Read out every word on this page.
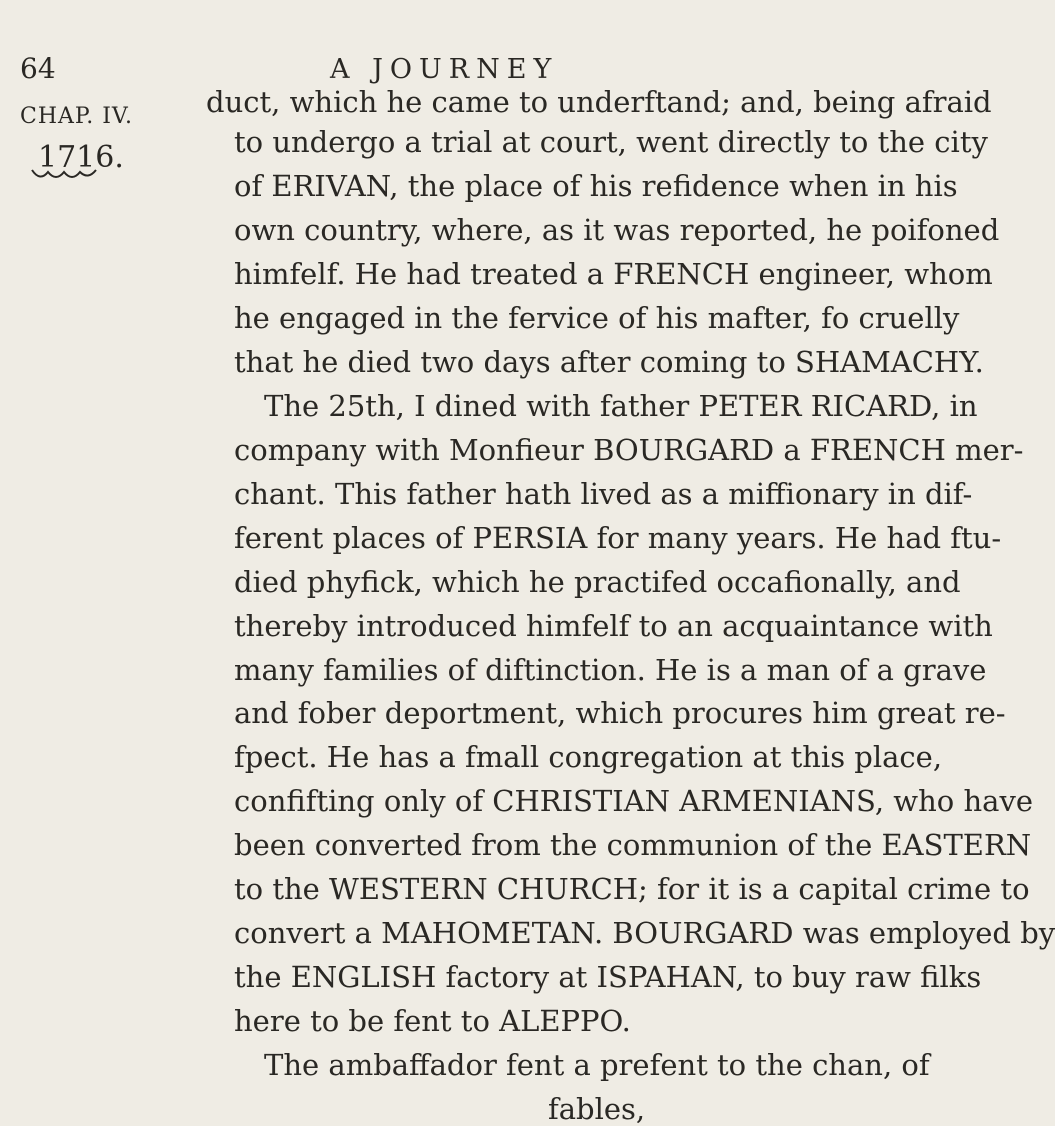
64	A JOURNEY
CHAP. IV.
1716.
duct, which he came to underftand; and, being afraid
to undergo a trial at court, went directly to the city
of ERIVAN, the place of his refidence when in his
own country, where, as it was reported, he poifoned
himfelf. He had treated a FRENCH engineer, whom
he engaged in the fervice of his mafter, fo cruelly
that he died two days after coming to SHAMACHY.
The 25th, I dined with father PETER RICARD, in
company with Monfieur BOURGARD a FRENCH mer-
chant. This father hath lived as a miffionary in dif-
ferent places of PERSIA for many years. He had ftu-
died phyfick, which he practifed occafionally, and
thereby introduced himfelf to an acquaintance with
many families of diftinction. He is a man of a grave
and fober deportment, which procures him great re-
fpect. He has a fmall congregation at this place,
confifting only of CHRISTIAN ARMENIANS, who have
been converted from the communion of the EASTERN
to the WESTERN CHURCH; for it is a capital crime to
convert a MAHOMETAN. BOURGARD was employed by
the ENGLISH factory at ISPAHAN, to buy raw filks
here to be fent to ALEPPO.
The ambaffador fent a prefent to the chan, of
fables,
